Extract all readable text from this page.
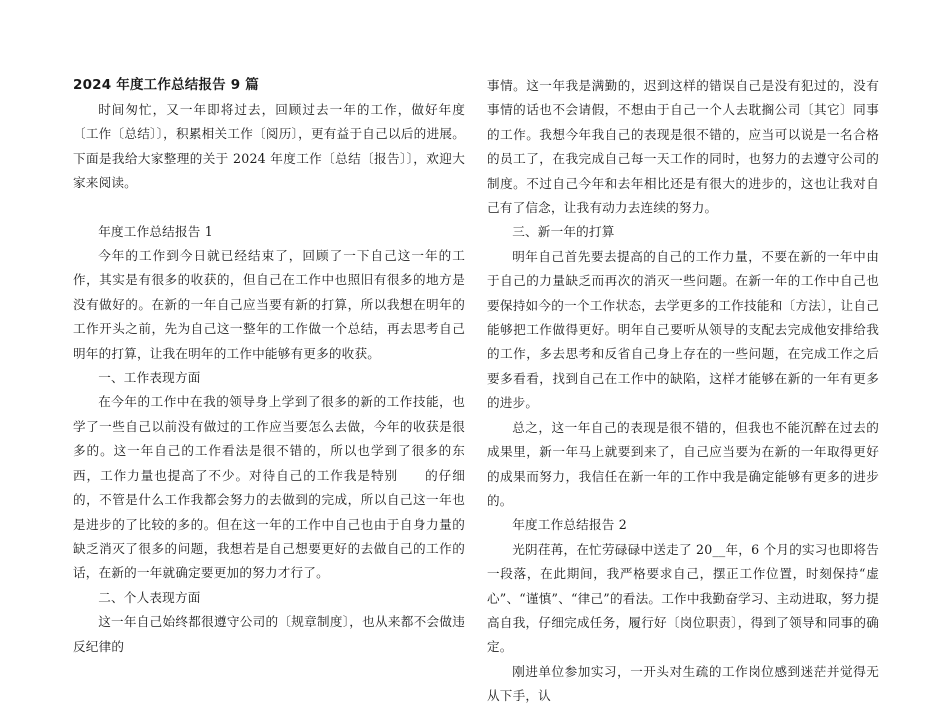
2024 年度工作总结报告 9 篇

时间匆忙，又一年即将过去，回顾过去一年的工作，做好年度〔工作〔总结〕〕，积累相关工作〔阅历〕，更有益于自己以后的进展。下面是我给大家整理的关于 2024 年度工作〔总结〔报告〕〕，欢迎大家来阅读。

年度工作总结报告 1

今年的工作到今日就已经结束了，回顾了一下自己这一年的工作，其实是有很多的收获的，但自己在工作中也照旧有很多的地方是没有做好的。在新的一年自己应当要有新的打算，所以我想在明年的工作开头之前，先为自己这一整年的工作做一个总结，再去思考自己明年的打算，让我在明年的工作中能够有更多的收获。

一、工作表现方面

在今年的工作中在我的领导身上学到了很多的新的工作技能，也学了一些自己以前没有做过的工作应当要怎么去做，今年的收获是很多的。这一年自己的工作看法是很不错的，所以也学到了很多的东西，工作力量也提高了不少。对待自己的工作我是特别　　的仔细的，不管是什么工作我都会努力的去做到的完成，所以自己这一年也是进步的了比较的多的。但在这一年的工作中自己也由于自身力量的缺乏消灭了很多的问题，我想若是自己想要更好的去做自己的工作的话，在新的一年就确定要更加的努力才行了。

二、个人表现方面

这一年自己始终都很遵守公司的〔规章制度〕，也从来都不会做违反纪律的

事情。这一年我是满勤的，迟到这样的错误自己是没有犯过的，没有事情的话也不会请假，不想由于自己一个人去耽搁公司〔其它〕同事的工作。我想今年我自己的表现是很不错的，应当可以说是一名合格的员工了，在我完成自己每一天工作的同时，也努力的去遵守公司的制度。不过自己今年和去年相比还是有很大的进步的，这也让我对自己有了信念，让我有动力去连续的努力。

三、新一年的打算

明年自己首先要去提高的自己的工作力量，不要在新的一年中由于自己的力量缺乏而再次的消灭一些问题。在新一年的工作中自己也要保持如今的一个工作状态，去学更多的工作技能和〔方法〕，让自己能够把工作做得更好。明年自己要听从领导的支配去完成他安排给我的工作，多去思考和反省自己身上存在的一些问题，在完成工作之后要多看看，找到自己在工作中的缺陷，这样才能够在新的一年有更多的进步。

总之，这一年自己的表现是很不错的，但我也不能沉醉在过去的成果里，新一年马上就要到来了，自己应当要为在新的一年取得更好的成果而努力，我信任在新一年的工作中我是确定能够有更多的进步的。

年度工作总结报告 2

光阴荏苒，在忙劳碌碌中送走了 20__年，6 个月的实习也即将告一段落，在此期间，我严格要求自己，摆正工作位置，时刻保持“虚心”、“谨慎”、“律己”的看法。工作中我勤奋学习、主动进取，努力提高自我，仔细完成任务，履行好〔岗位职责〕，得到了领导和同事的确定。

刚进单位参加实习，一开头对生疏的工作岗位感到迷茫并觉得无从下手，认
